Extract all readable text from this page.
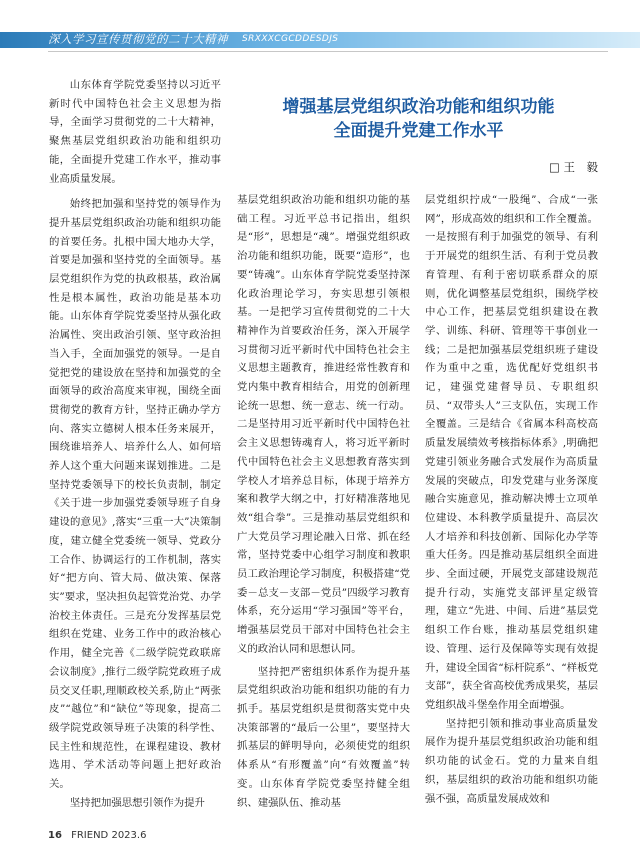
深入学习宣传贯彻党的二十大精神 SRXXXCGCDDESDJS

山东体育学院党委坚持以习近平新时代中国特色社会主义思想为指导，全面学习贯彻党的二十大精神，聚焦基层党组织政治功能和组织功能，全面提升党建工作水平，推动事业高质量发展。

始终把加强和坚持党的领导作为提升基层党组织政治功能和组织功能的首要任务。扎根中国大地办大学，首要是加强和坚持党的全面领导。基层党组织作为党的执政根基，政治属性是根本属性，政治功能是基本功能。山东体育学院党委坚持从强化政治属性、突出政治引领、坚守政治担当入手，全面加强党的领导。一是自觉把党的建设放在坚持和加强党的全面领导的政治高度来审视，围绕全面贯彻党的教育方针，坚持正确办学方向、落实立德树人根本任务来展开，围绕谁培养人、培养什么人、如何培养人这个重大问题来谋划推进。二是坚持党委领导下的校长负责制，制定《关于进一步加强党委领导班子自身建设的意见》,落实“三重一大”决策制度，建立健全党委统一领导、党政分工合作、协调运行的工作机制，落实好“把方向、管大局、做决策、保落实”要求，坚决担负起管党治党、办学治校主体责任。三是充分发挥基层党组织在党建、业务工作中的政治核心作用，健全完善《二级学院党政联席会议制度》,推行二级学院党政班子成员交叉任职,理顺政校关系,防止“两张皮”“越位”和“缺位”等现象，提高二级学院党政领导班子决策的科学性、民主性和规范性，在课程建设、教材选用、学术活动等问题上把好政治关。

坚持把加强思想引领作为提升

增强基层党组织政治功能和组织功能
全面提升党建工作水平
□ 王　毅

基层党组织政治功能和组织功能的基础工程。习近平总书记指出，组织是“形”，思想是“魂”。增强党组织政治功能和组织功能，既要“造形”，也要“铸魂”。山东体育学院党委坚持深化政治理论学习，夯实思想引领根基。一是把学习宣传贯彻党的二十大精神作为首要政治任务，深入开展学习贯彻习近平新时代中国特色社会主义思想主题教育，推进经常性教育和党内集中教育相结合，用党的创新理论统一思想、统一意志、统一行动。二是坚持用习近平新时代中国特色社会主义思想铸魂育人，将习近平新时代中国特色社会主义思想教育落实到学校人才培养总目标，体现于培养方案和教学大纲之中，打好精准落地见效“组合拳”。三是推动基层党组织和广大党员学习理论融入日常、抓在经常，坚持党委中心组学习制度和教职员工政治理论学习制度，积极搭建“党委－总支－支部－党员”四级学习教育体系，充分运用“学习强国”等平台，增强基层党员干部对中国特色社会主义的政治认同和思想认同。

坚持把严密组织体系作为提升基层党组织政治功能和组织功能的有力抓手。基层党组织是贯彻落实党中央决策部署的“最后一公里”，要坚持大抓基层的鲜明导向，必须使党的组织体系从“有形覆盖”向“有效覆盖”转变。山东体育学院党委坚持健全组织、建强队伍、推动基

层党组织拧成“一股绳”、合成“一张网”，形成高效的组织和工作全覆盖。一是按照有利于加强党的领导、有利于开展党的组织生活、有利于党员教育管理、有利于密切联系群众的原则，优化调整基层党组织，围绕学校中心工作，把基层党组织建设在教学、训练、科研、管理等干事创业一线；二是把加强基层党组织班子建设作为重中之重，选优配好党组织书记，建强党建督导员、专职组织员、“双带头人”三支队伍，实现工作全覆盖。三是结合《省属本科高校高质量发展绩效考核指标体系》,明确把党建引领业务融合式发展作为高质量发展的突破点，印发党建与业务深度融合实施意见，推动解决博士立项单位建设、本科教学质量提升、高层次人才培养和科技创新、国际化办学等重大任务。四是推动基层组织全面进步、全面过硬，开展党支部建设规范提升行动，实施党支部评星定级管理，建立“先进、中间、后进”基层党组织工作台账，推动基层党组织建设、管理、运行及保障等实现有效提升，建设全国省“标杆院系”、“样板党支部”，获全省高校优秀成果奖，基层党组织战斗堡垒作用全面增强。

坚持把引领和推动事业高质量发展作为提升基层党组织政治功能和组织功能的试金石。党的力量来自组织，基层组织的政治功能和组织功能强不强，高质量发展成效和

16 FRIEND 2023.6
